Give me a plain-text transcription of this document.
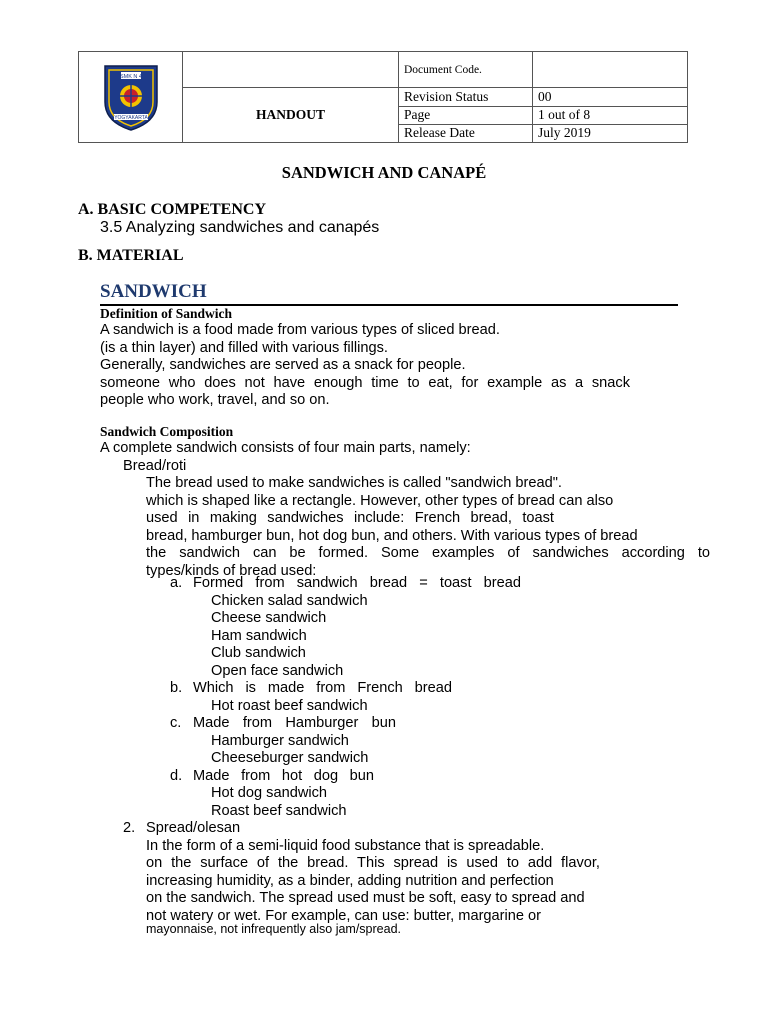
SMK N 4
YOGYAKARTA		Document Code.	
	HANDOUT	Revision Status	00
		Page	1 out of 8
		Release Date	July 2019
SANDWICH AND CANAPÉ
A. BASIC COMPETENCY
3.5 Analyzing sandwiches and canapés
B. MATERIAL
SANDWICH
Definition of Sandwich
A sandwich is a food made from various types of sliced bread.
(is a thin layer) and filled with various fillings.
Generally, sandwiches are served as a snack for people.
someone who does not have enough time to eat, for example as a snack
people who work, travel, and so on.
Sandwich Composition
A complete sandwich consists of four main parts, namely:
Bread/roti
The bread used to make sandwiches is called "sandwich bread".
which is shaped like a rectangle. However, other types of bread can also
used in making sandwiches include: French bread, toast
bread, hamburger bun, hot dog bun, and others. With various types of bread
the sandwich can be formed. Some examples of sandwiches according to
types/kinds of bread used:
a. Formed from sandwich bread = toast bread
Chicken salad sandwich
Cheese sandwich
Ham sandwich
Club sandwich
Open face sandwich
b. Which is made from French bread
Hot roast beef sandwich
c. Made from Hamburger bun
Hamburger sandwich
Cheeseburger sandwich
d. Made from hot dog bun
Hot dog sandwich
Roast beef sandwich
2. Spread/olesan
In the form of a semi-liquid food substance that is spreadable.
on the surface of the bread. This spread is used to add flavor,
increasing humidity, as a binder, adding nutrition and perfection
on the sandwich. The spread used must be soft, easy to spread and
not watery or wet. For example, can use: butter, margarine or
mayonnaise, not infrequently also jam/spread.
